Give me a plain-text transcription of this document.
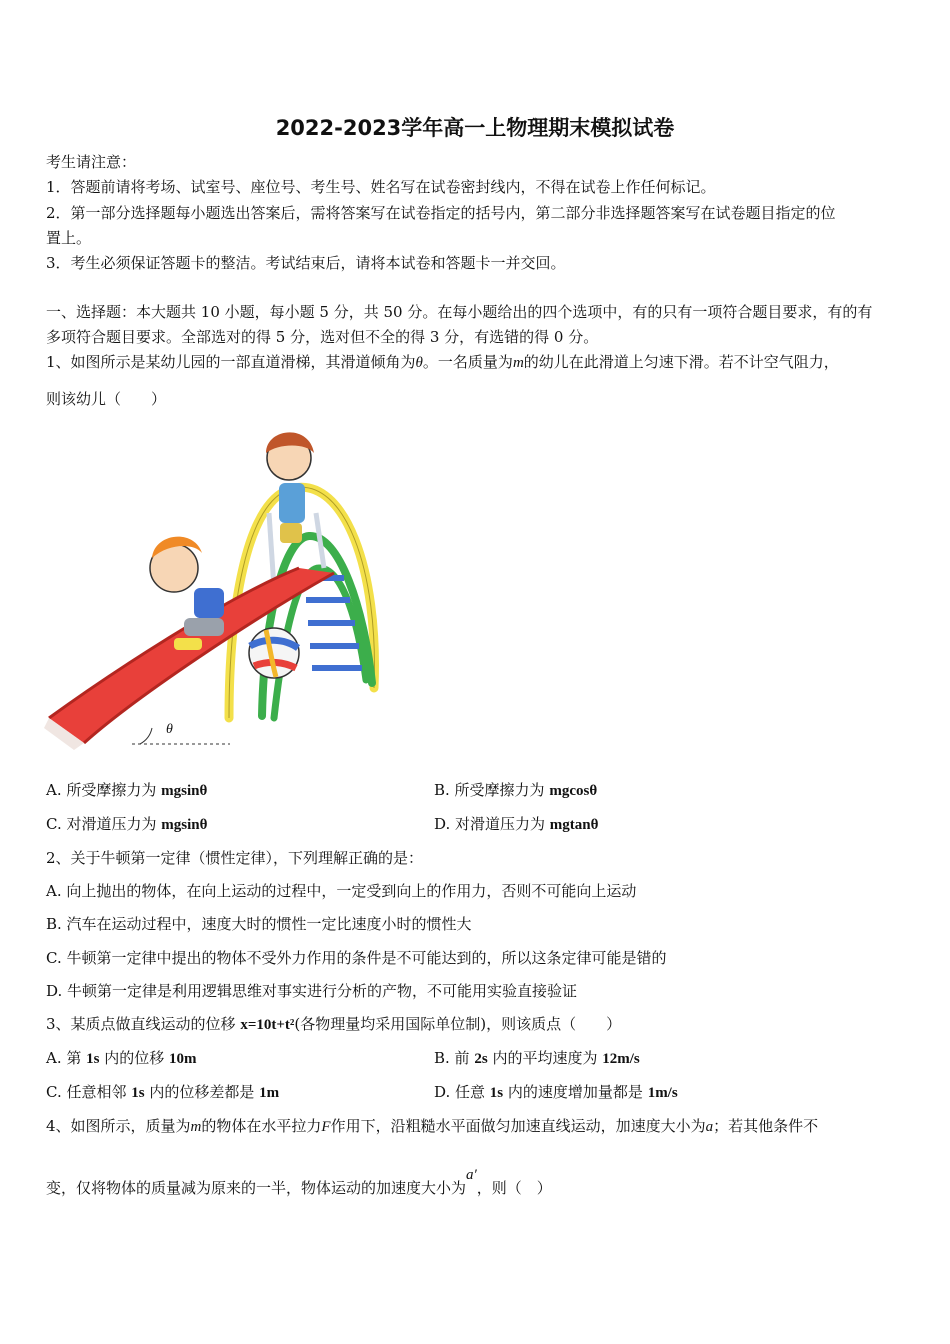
2022-2023学年高一上物理期末模拟试卷
考生请注意：
1．答题前请将考场、试室号、座位号、考生号、姓名写在试卷密封线内，不得在试卷上作任何标记。
2．第一部分选择题每小题选出答案后，需将答案写在试卷指定的括号内，第二部分非选择题答案写在试卷题目指定的位
置上。
3．考生必须保证答题卡的整洁。考试结束后，请将本试卷和答题卡一并交回。
一、选择题：本大题共 10 小题，每小题 5 分，共 50 分。在每小题给出的四个选项中，有的只有一项符合题目要求，有的有
多项符合题目要求。全部选对的得 5 分，选对但不全的得 3 分，有选错的得 0 分。
1、如图所示是某幼儿园的一部直道滑梯，其滑道倾角为θ。一名质量为m的幼儿在此滑道上匀速下滑。若不计空气阻力，
则该幼儿（　　）
θ
A. 所受摩擦力为 mgsinθ	B. 所受摩擦力为 mgcosθ
C. 对滑道压力为 mgsinθ	D. 对滑道压力为 mgtanθ
2、关于牛顿第一定律（惯性定律），下列理解正确的是：
A. 向上抛出的物体，在向上运动的过程中，一定受到向上的作用力，否则不可能向上运动
B. 汽车在运动过程中，速度大时的惯性一定比速度小时的惯性大
C. 牛顿第一定律中提出的物体不受外力作用的条件是不可能达到的，所以这条定律可能是错的
D. 牛顿第一定律是利用逻辑思维对事实进行分析的产物，不可能用实验直接验证
3、某质点做直线运动的位移 x=10t+t²(各物理量均采用国际单位制)，则该质点（　　）
A. 第 1s 内的位移 10m	B. 前 2s 内的平均速度为 12m/s
C. 任意相邻 1s 内的位移差都是 1m	D. 任意 1s 内的速度增加量都是 1m/s
4、如图所示，质量为m的物体在水平拉力F作用下，沿粗糙水平面做匀加速直线运动，加速度大小为a；若其他条件不
变，仅将物体的质量减为原来的一半，物体运动的加速度大小为a′，则（　）
